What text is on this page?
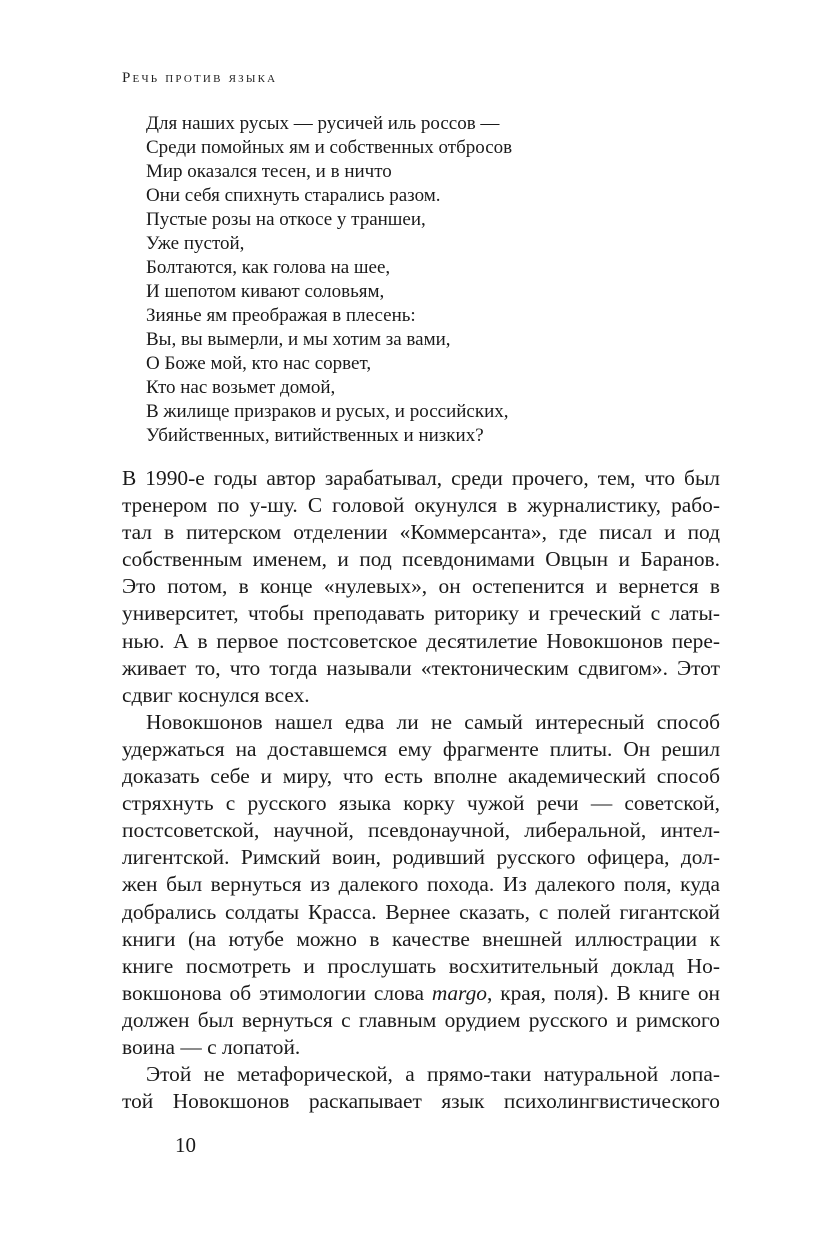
Речь против языка
Для наших русых — русичей иль россов —
Среди помойных ям и собственных отбросов
Мир оказался тесен, и в ничто
Они себя спихнуть старались разом.
Пустые розы на откосе у траншеи,
Уже пустой,
Болтаются, как голова на шее,
И шепотом кивают соловьям,
Зиянье ям преображая в плесень:
Вы, вы вымерли, и мы хотим за вами,
О Боже мой, кто нас сорвет,
Кто нас возьмет домой,
В жилище призраков и русых, и российских,
Убийственных, витийственных и низких?
В 1990-е годы автор зарабатывал, среди прочего, тем, что был
тренером по у-шу. С головой окунулся в журналистику, рабо-
тал в питерском отделении «Коммерсанта», где писал и под
собственным именем, и под псевдонимами Овцын и Баранов.
Это потом, в конце «нулевых», он остепенится и вернется в
университет, чтобы преподавать риторику и греческий с латы-
нью. А в первое постсоветское десятилетие Новокшонов пере-
живает то, что тогда называли «тектоническим сдвигом». Этот
сдвиг коснулся всех.
Новокшонов нашел едва ли не самый интересный способ
удержаться на доставшемся ему фрагменте плиты. Он решил
доказать себе и миру, что есть вполне академический способ
стряхнуть с русского языка корку чужой речи — советской,
постсоветской, научной, псевдонаучной, либеральной, интел-
лигентской. Римский воин, родивший русского офицера, дол-
жен был вернуться из далекого похода. Из далекого поля, куда
добрались солдаты Красса. Вернее сказать, с полей гигантской
книги (на ютубе можно в качестве внешней иллюстрации к
книге посмотреть и прослушать восхитительный доклад Но-
вокшонова об этимологии слова margo, края, поля). В книге он
должен был вернуться с главным орудием русского и римского
воина — с лопатой.
Этой не метафорической, а прямо-таки натуральной лопа-
той Новокшонов раскапывает язык психолингвистического
10
